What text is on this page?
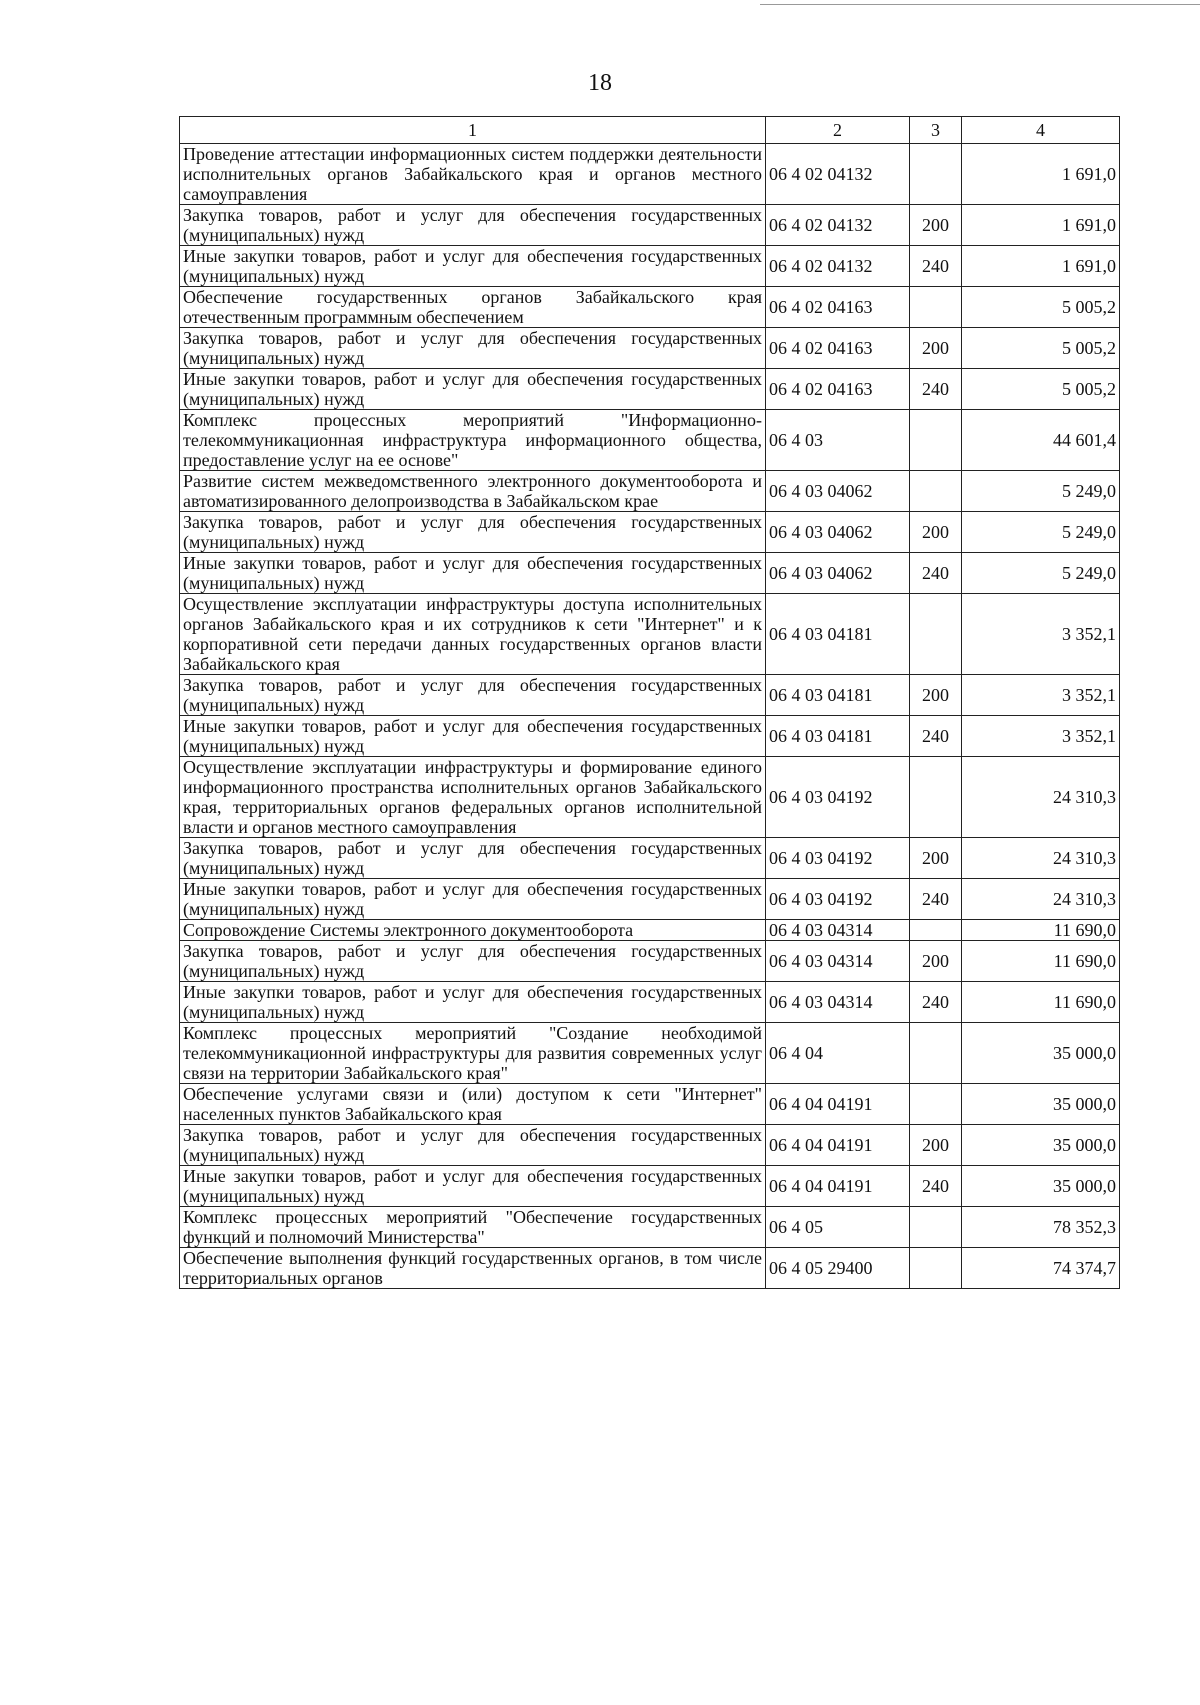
18
1	2	3	4
Проведение аттестации информационных систем поддержки деятельности исполнительных органов Забайкальского края и органов местного самоуправления	06 4 02 04132		1 691,0
Закупка товаров, работ и услуг для обеспечения государственных (муниципальных) нужд	06 4 02 04132	200	1 691,0
Иные закупки товаров, работ и услуг для обеспечения государственных (муниципальных) нужд	06 4 02 04132	240	1 691,0
Обеспечение государственных органов Забайкальского края отечественным программным обеспечением	06 4 02 04163		5 005,2
Закупка товаров, работ и услуг для обеспечения государственных (муниципальных) нужд	06 4 02 04163	200	5 005,2
Иные закупки товаров, работ и услуг для обеспечения государственных (муниципальных) нужд	06 4 02 04163	240	5 005,2
Комплекс процессных мероприятий "Информационно-телекоммуникационная инфраструктура информационного общества, предоставление услуг на ее основе"	06 4 03		44 601,4
Развитие систем межведомственного электронного документооборота и автоматизированного делопроизводства в Забайкальском крае	06 4 03 04062		5 249,0
Закупка товаров, работ и услуг для обеспечения государственных (муниципальных) нужд	06 4 03 04062	200	5 249,0
Иные закупки товаров, работ и услуг для обеспечения государственных (муниципальных) нужд	06 4 03 04062	240	5 249,0
Осуществление эксплуатации инфраструктуры доступа исполнительных органов Забайкальского края и их сотрудников к сети "Интернет" и к корпоративной сети передачи данных государственных органов власти Забайкальского края	06 4 03 04181		3 352,1
Закупка товаров, работ и услуг для обеспечения государственных (муниципальных) нужд	06 4 03 04181	200	3 352,1
Иные закупки товаров, работ и услуг для обеспечения государственных (муниципальных) нужд	06 4 03 04181	240	3 352,1
Осуществление эксплуатации инфраструктуры и формирование единого информационного пространства исполнительных органов Забайкальского края, территориальных органов федеральных органов исполнительной власти и органов местного самоуправления	06 4 03 04192		24 310,3
Закупка товаров, работ и услуг для обеспечения государственных (муниципальных) нужд	06 4 03 04192	200	24 310,3
Иные закупки товаров, работ и услуг для обеспечения государственных (муниципальных) нужд	06 4 03 04192	240	24 310,3
Сопровождение Системы электронного документооборота	06 4 03 04314		11 690,0
Закупка товаров, работ и услуг для обеспечения государственных (муниципальных) нужд	06 4 03 04314	200	11 690,0
Иные закупки товаров, работ и услуг для обеспечения государственных (муниципальных) нужд	06 4 03 04314	240	11 690,0
Комплекс процессных мероприятий "Создание необходимой телекоммуникационной инфраструктуры для развития современных услуг связи на территории Забайкальского края"	06 4 04		35 000,0
Обеспечение услугами связи и (или) доступом к сети "Интернет" населенных пунктов Забайкальского края	06 4 04 04191		35 000,0
Закупка товаров, работ и услуг для обеспечения государственных (муниципальных) нужд	06 4 04 04191	200	35 000,0
Иные закупки товаров, работ и услуг для обеспечения государственных (муниципальных) нужд	06 4 04 04191	240	35 000,0
Комплекс процессных мероприятий "Обеспечение государственных функций и полномочий Министерства"	06 4 05		78 352,3
Обеспечение выполнения функций государственных органов, в том числе территориальных органов	06 4 05 29400		74 374,7
